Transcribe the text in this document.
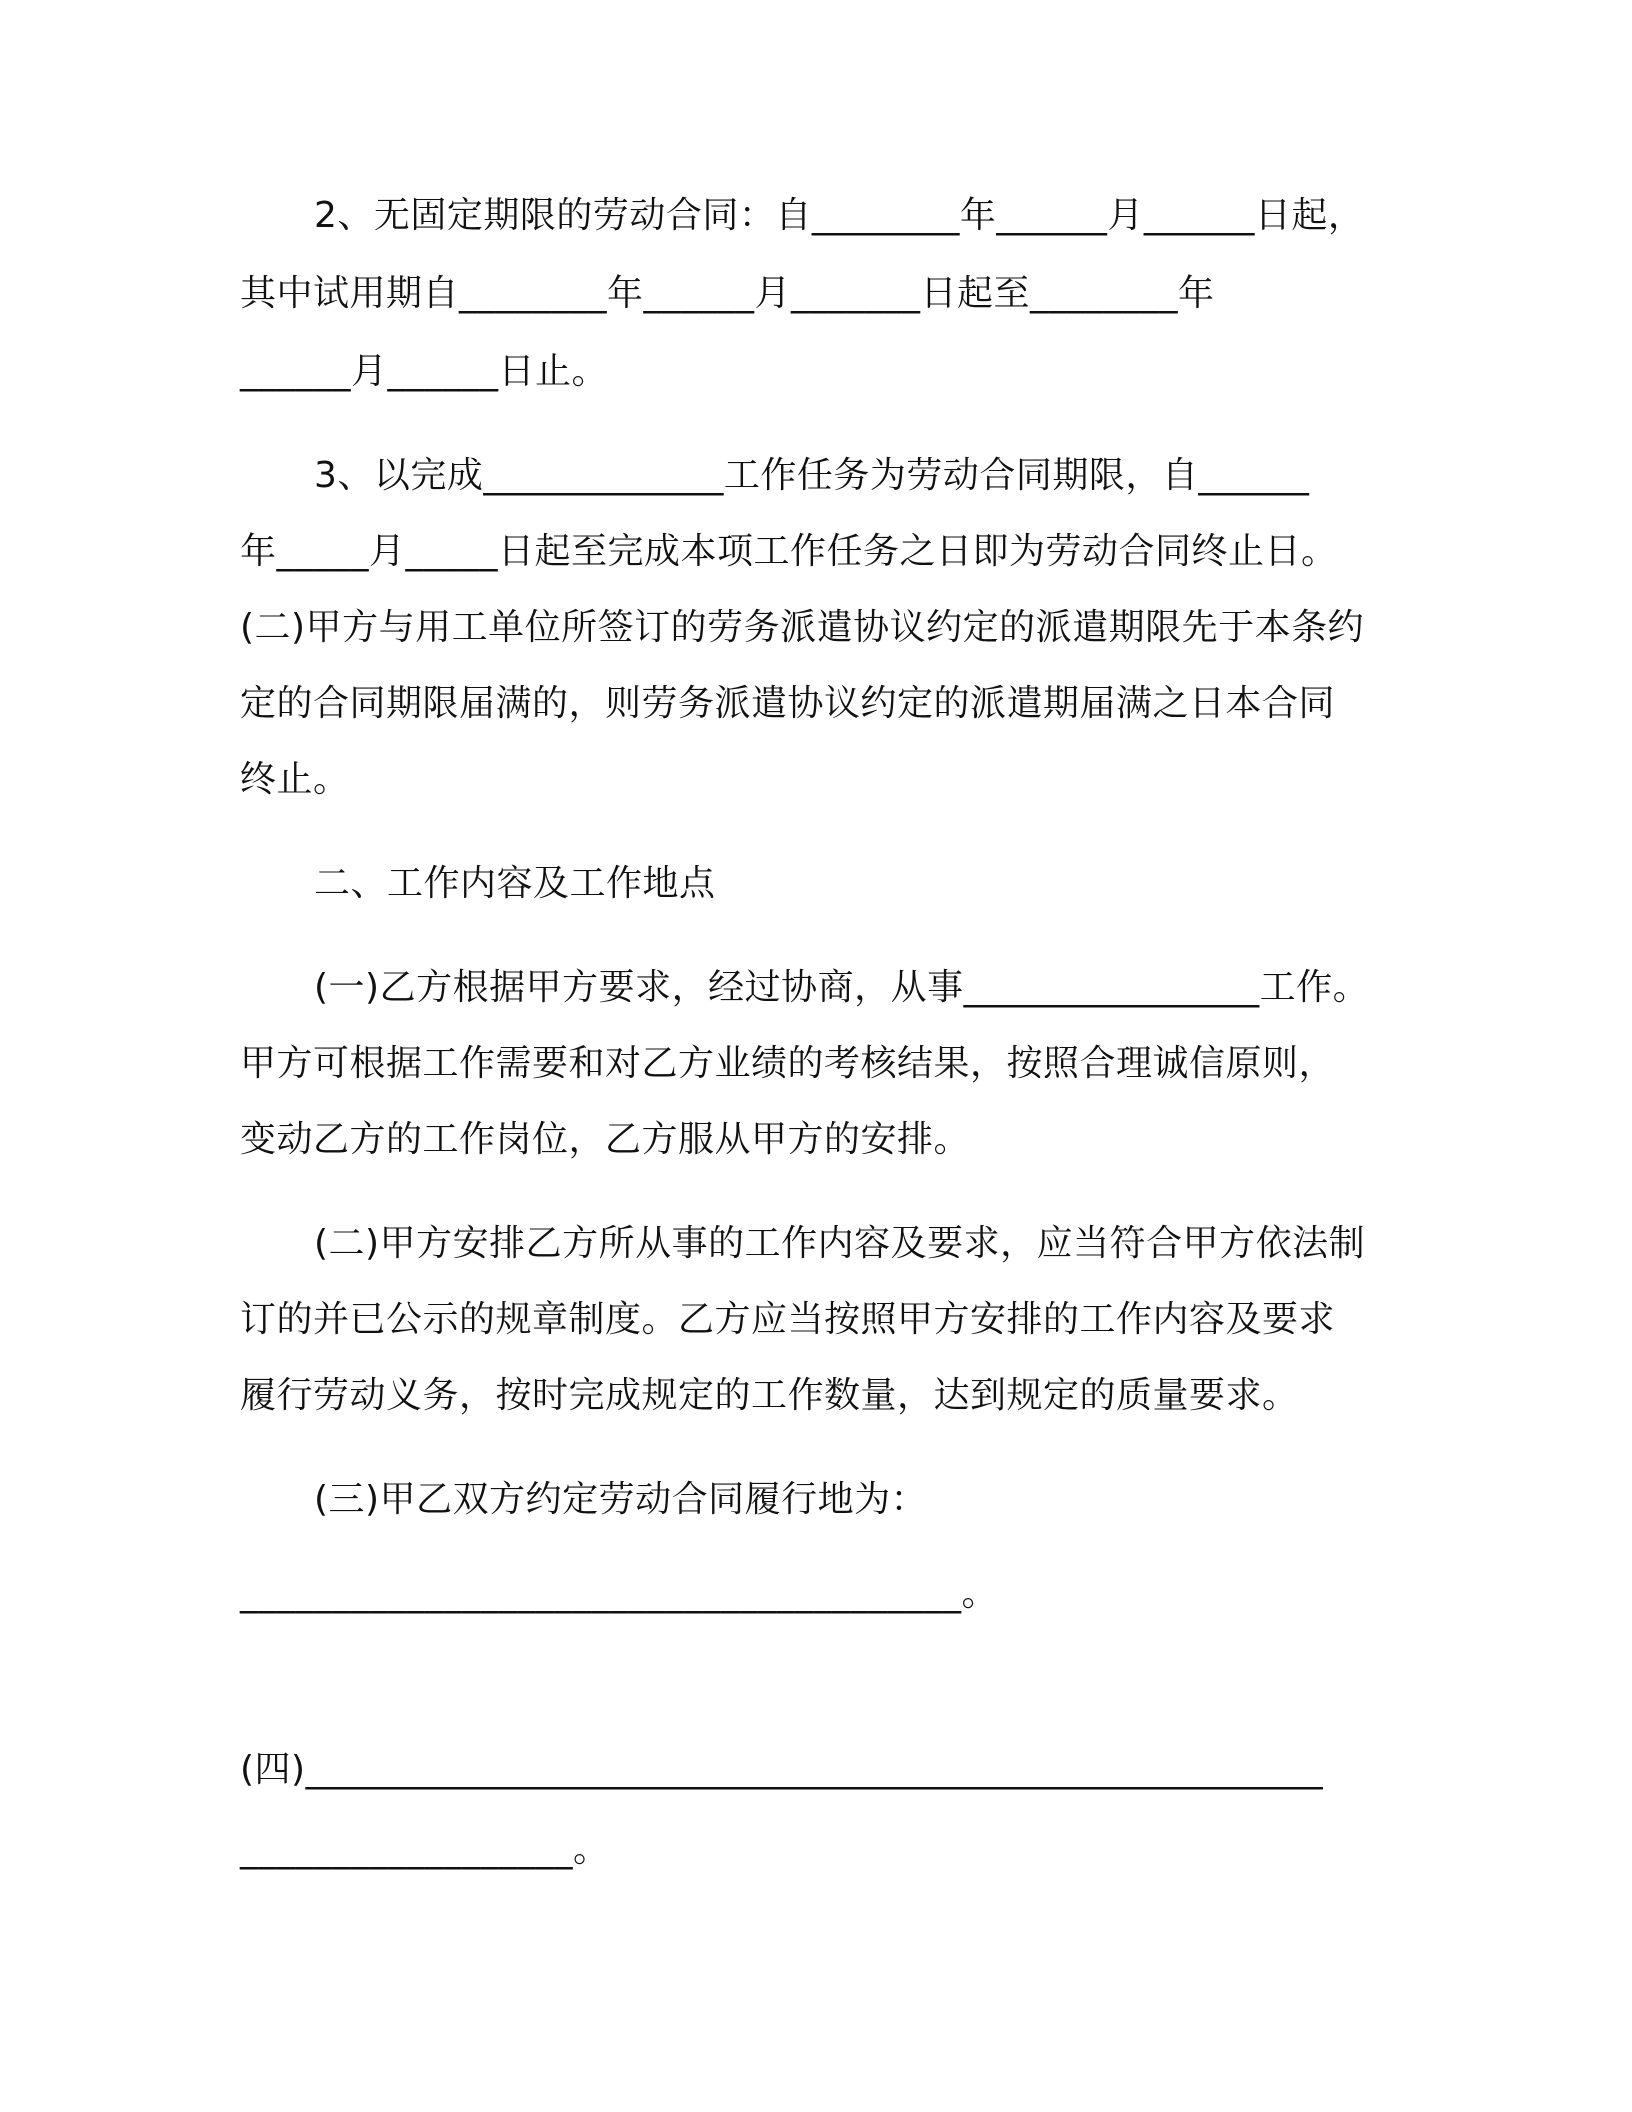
2、无固定期限的劳动合同：自________年______月______日起，

其中试用期自________年______月_______日起至________年

______月______日止。

3、以完成_____________工作任务为劳动合同期限，自______

年_____月_____日起至完成本项工作任务之日即为劳动合同终止日。

(二)甲方与用工单位所签订的劳务派遣协议约定的派遣期限先于本条约

定的合同期限届满的，则劳务派遣协议约定的派遣期届满之日本合同

终止。

二、工作内容及工作地点

(一)乙方根据甲方要求，经过协商，从事________________工作。

甲方可根据工作需要和对乙方业绩的考核结果，按照合理诚信原则，

变动乙方的工作岗位，乙方服从甲方的安排。

(二)甲方安排乙方所从事的工作内容及要求，应当符合甲方依法制

订的并已公示的规章制度。乙方应当按照甲方安排的工作内容及要求

履行劳动义务，按时完成规定的工作数量，达到规定的质量要求。

(三)甲乙双方约定劳动合同履行地为：

_______________________________________。

(四)_______________________________________________________

__________________。
